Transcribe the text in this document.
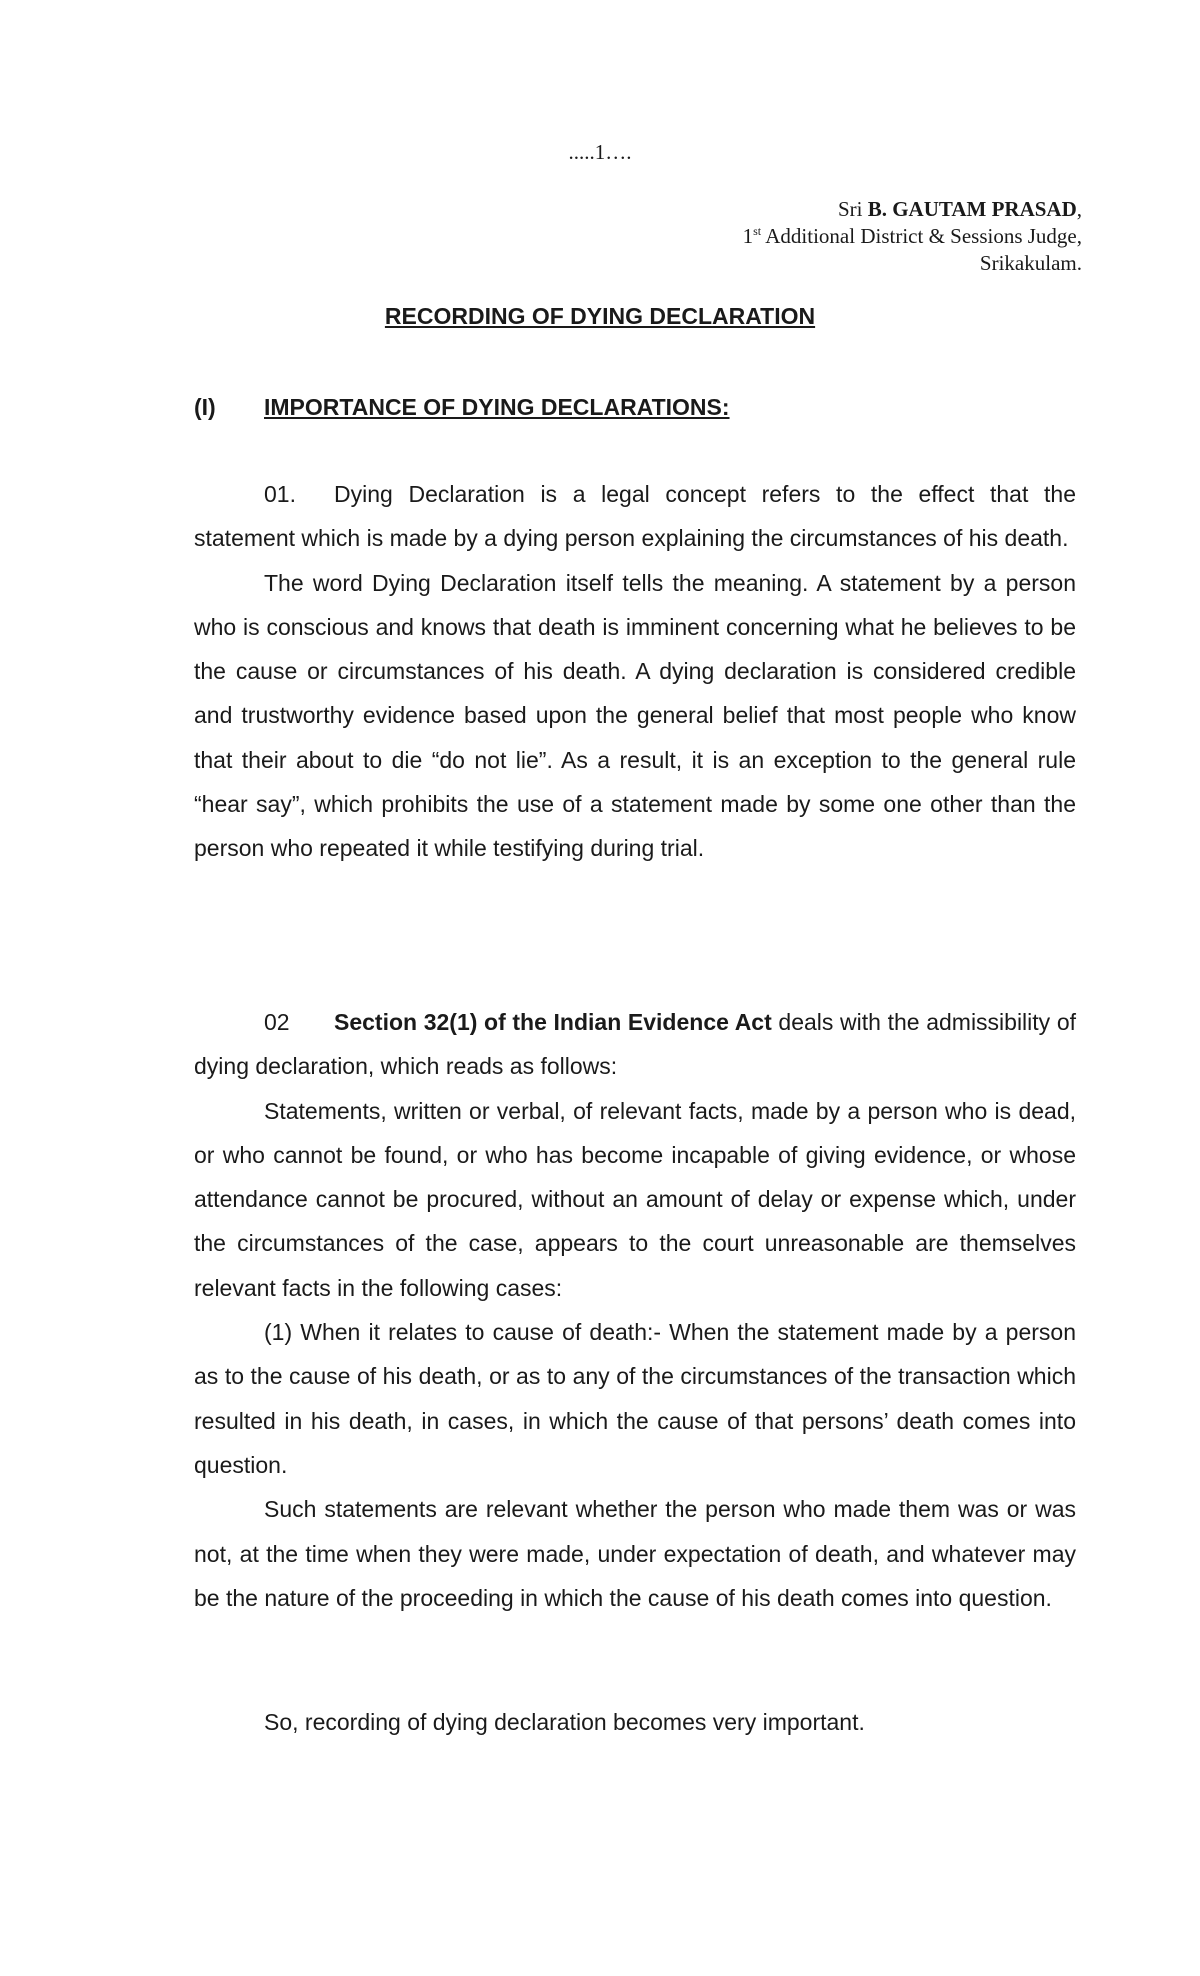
.....1….
Sri B. GAUTAM PRASAD,
1st Additional District & Sessions Judge,
Srikakulam.
RECORDING OF DYING DECLARATION
(I) IMPORTANCE OF DYING DECLARATIONS:

01. Dying Declaration is a legal concept refers to the effect that the statement which is made by a dying person explaining the circumstances of his death.

The word Dying Declaration itself tells the meaning. A statement by a person who is conscious and knows that death is imminent concerning what he believes to be the cause or circumstances of his death. A dying declaration is considered credible and trustworthy evidence based upon the general belief that most people who know that their about to die “do not lie”. As a result, it is an exception to the general rule “hear say”, which prohibits the use of a statement made by some one other than the person who repeated it while testifying during trial.

02 Section 32(1) of the Indian Evidence Act deals with the admissibility of dying declaration, which reads as follows:

Statements, written or verbal, of relevant facts, made by a person who is dead, or who cannot be found, or who has become incapable of giving evidence, or whose attendance cannot be procured, without an amount of delay or expense which, under the circumstances of the case, appears to the court unreasonable are themselves relevant facts in the following cases:

(1) When it relates to cause of death:- When the statement made by a person as to the cause of his death, or as to any of the circumstances of the transaction which resulted in his death, in cases, in which the cause of that persons’ death comes into question.

Such statements are relevant whether the person who made them was or was not, at the time when they were made, under expectation of death, and whatever may be the nature of the proceeding in which the cause of his death comes into question.

So, recording of dying declaration becomes very important.
